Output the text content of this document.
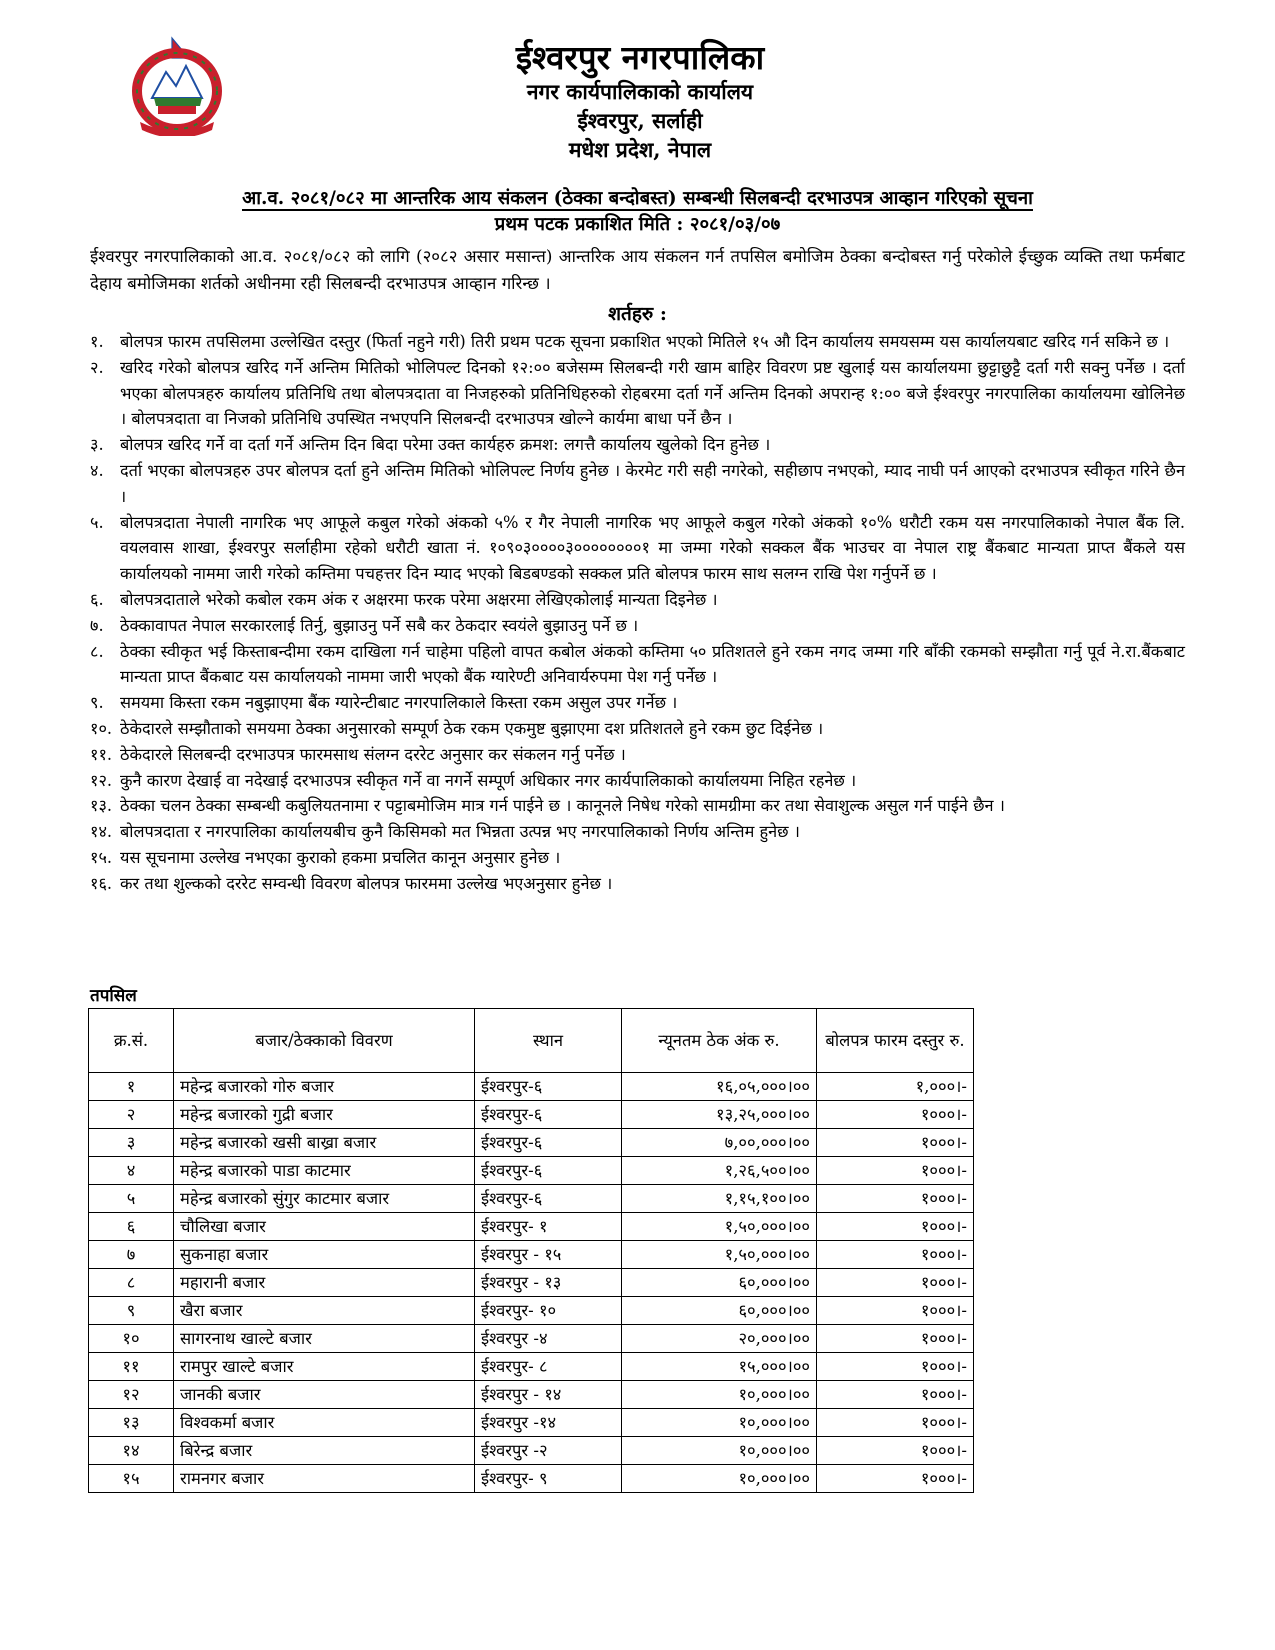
ईश्वरपुर नगरपालिका
नगर कार्यपालिकाको कार्यालय
ईश्वरपुर, सर्लाही
मधेश प्रदेश, नेपाल
आ.व. २०८१/०८२ मा आन्तरिक आय संकलन (ठेक्का बन्दोबस्त) सम्बन्धी सिलबन्दी दरभाउपत्र आव्हान गरिएको सूचना
प्रथम पटक प्रकाशित मिति : २०८१/०३/०७
ईश्वरपुर नगरपालिकाको आ.व. २०८१/०८२ को लागि (२०८२ असार मसान्त) आन्तरिक आय संकलन गर्न तपसिल बमोजिम ठेक्का बन्दोबस्त गर्नु परेकोले ईच्छुक व्यक्ति तथा फर्मबाट देहाय बमोजिमका शर्तको अधीनमा रही सिलबन्दी दरभाउपत्र आव्हान गरिन्छ ।
शर्तहरु :
१.	बोलपत्र फारम तपसिलमा उल्लेखित दस्तुर (फिर्ता नहुने गरी) तिरी प्रथम पटक सूचना प्रकाशित भएको मितिले १५ औ दिन कार्यालय समयसम्म यस कार्यालयबाट खरिद गर्न सकिने छ ।
२.	खरिद गरेको बोलपत्र खरिद गर्ने अन्तिम मितिको भोलिपल्ट दिनको १२:०० बजेसम्म सिलबन्दी गरी खाम बाहिर विवरण प्रष्ट खुलाई यस कार्यालयमा छुट्टाछुट्टै दर्ता गरी सक्नु पर्नेछ । दर्ता भएका बोलपत्रहरु कार्यालय प्रतिनिधि तथा बोलपत्रदाता वा निजहरुको प्रतिनिधिहरुको रोहबरमा दर्ता गर्ने अन्तिम दिनको अपरान्ह १:०० बजे ईश्वरपुर नगरपालिका कार्यालयमा खोलिनेछ । बोलपत्रदाता वा निजको प्रतिनिधि उपस्थित नभएपनि सिलबन्दी दरभाउपत्र खोल्ने कार्यमा बाधा पर्ने छैन ।
३.	बोलपत्र खरिद गर्ने वा दर्ता गर्ने अन्तिम दिन बिदा परेमा उक्त कार्यहरु क्रमश: लगत्तै कार्यालय खुलेको दिन हुनेछ ।
४.	दर्ता भएका बोलपत्रहरु उपर बोलपत्र दर्ता हुने अन्तिम मितिको भोलिपल्ट निर्णय हुनेछ । केरमेट गरी सही नगरेको, सहीछाप नभएको, म्याद नाघी पर्न आएको दरभाउपत्र स्वीकृत गरिने छैन ।
५.	बोलपत्रदाता नेपाली नागरिक भए आफूले कबुल गरेको अंकको ५% र गैर नेपाली नागरिक भए आफूले कबुल गरेको अंकको १०% धरौटी रकम यस नगरपालिकाको नेपाल बैंक लि. वयलवास शाखा, ईश्वरपुर सर्लाहीमा रहेको धरौटी खाता नं. १०९०३००००३००००००००१ मा जम्मा गरेको सक्कल बैंक भाउचर वा नेपाल राष्ट्र बैंकबाट मान्यता प्राप्त बैंकले यस कार्यालयको नाममा जारी गरेको कम्तिमा पचहत्तर दिन म्याद भएको बिडबण्डको सक्कल प्रति बोलपत्र फारम साथ सलग्न राखि पेश गर्नुपर्ने छ ।
६.	बोलपत्रदाताले भरेको कबोल रकम अंक र अक्षरमा फरक परेमा अक्षरमा लेखिएकोलाई मान्यता दिइनेछ ।
७.	ठेक्कावापत नेपाल सरकारलाई तिर्नु, बुझाउनु पर्ने सबै कर ठेकदार स्वयंले बुझाउनु पर्ने छ ।
८.	ठेक्का स्वीकृत भई किस्ताबन्दीमा रकम दाखिला गर्न चाहेमा पहिलो वापत कबोल अंकको कम्तिमा ५० प्रतिशतले हुने रकम नगद जम्मा गरि बाँकी रकमको सम्झौता गर्नु पूर्व ने.रा.बैंकबाट मान्यता प्राप्त बैंकबाट यस कार्यालयको नाममा जारी भएको बैंक ग्यारेण्टी अनिवार्यरुपमा पेश गर्नु पर्नेछ ।
९.	समयमा किस्ता रकम नबुझाएमा बैंक ग्यारेन्टीबाट नगरपालिकाले किस्ता रकम असुल उपर गर्नेछ ।
१०. ठेकेदारले सम्झौताको समयमा ठेक्का अनुसारको सम्पूर्ण ठेक रकम एकमुष्ट बुझाएमा दश प्रतिशतले हुने रकम छुट दिईनेछ ।
११. ठेकेदारले सिलबन्दी दरभाउपत्र फारमसाथ संलग्न दररेट अनुसार कर संकलन गर्नु पर्नेछ ।
१२. कुनै कारण देखाई वा नदेखाई दरभाउपत्र स्वीकृत गर्ने वा नगर्ने सम्पूर्ण अधिकार नगर कार्यपालिकाको कार्यालयमा निहित रहनेछ ।
१३. ठेक्का चलन ठेक्का सम्बन्धी कबुलियतनामा र पट्टाबमोजिम मात्र गर्न पाईने छ । कानूनले निषेध गरेको सामग्रीमा कर तथा सेवाशुल्क असुल गर्न पाईने छैन ।
१४. बोलपत्रदाता र नगरपालिका कार्यालयबीच कुनै किसिमको मत भिन्नता उत्पन्न भए नगरपालिकाको निर्णय अन्तिम हुनेछ ।
१५. यस सूचनामा उल्लेख नभएका कुराको हकमा प्रचलित कानून अनुसार हुनेछ ।
१६. कर तथा शुल्कको दररेट सम्वन्धी विवरण बोलपत्र फारममा उल्लेख भएअनुसार हुनेछ ।
तपसिल
क्र.सं.	बजार/ठेक्काको विवरण	स्थान	न्यूनतम ठेक अंक रु.	बोलपत्र फारम दस्तुर रु.
१	महेन्द्र बजारको गोरु बजार	ईश्वरपुर-६	१६,०५,०००।००	१,०००।-
२	महेन्द्र बजारको गुद्री बजार	ईश्वरपुर-६	१३,२५,०००।००	१०००।-
३	महेन्द्र बजारको खसी बाख्रा बजार	ईश्वरपुर-६	७,००,०००।००	१०००।-
४	महेन्द्र बजारको पाडा काटमार	ईश्वरपुर-६	१,२६,५००।००	१०००।-
५	महेन्द्र बजारको सुंगुर काटमार बजार	ईश्वरपुर-६	१,१५,१००।००	१०००।-
६	चौलिखा बजार	ईश्वरपुर- १	१,५०,०००।००	१०००।-
७	सुकनाहा बजार	ईश्वरपुर - १५	१,५०,०००।००	१०००।-
८	महारानी बजार	ईश्वरपुर - १३	६०,०००।००	१०००।-
९	खैरा बजार	ईश्वरपुर- १०	६०,०००।००	१०००।-
१०	सागरनाथ खाल्टे बजार	ईश्वरपुर -४	२०,०००।००	१०००।-
११	रामपुर खाल्टे बजार	ईश्वरपुर- ८	१५,०००।००	१०००।-
१२	जानकी बजार	ईश्वरपुर - १४	१०,०००।००	१०००।-
१३	विश्वकर्मा बजार	ईश्वरपुर -१४	१०,०००।००	१०००।-
१४	बिरेन्द्र बजार	ईश्वरपुर -२	१०,०००।००	१०००।-
१५	रामनगर बजार	ईश्वरपुर- ९	१०,०००।००	१०००।-
